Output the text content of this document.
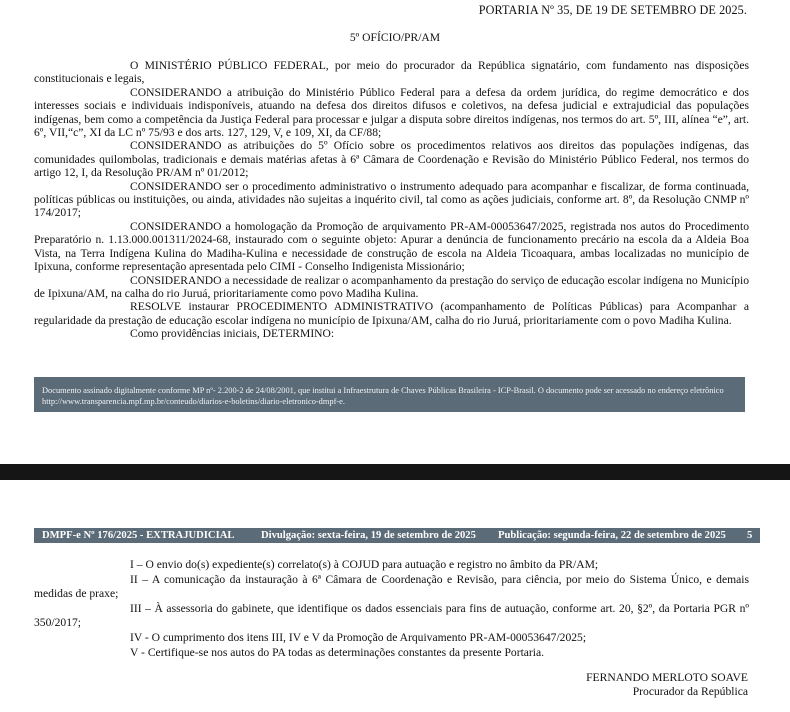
PORTARIA Nº 35, DE 19 DE SETEMBRO DE 2025.
5º OFÍCIO/PR/AM

O MINISTÉRIO PÚBLICO FEDERAL, por meio do procurador da República signatário, com fundamento nas disposições constitucionais e legais,

CONSIDERANDO a atribuição do Ministério Público Federal para a defesa da ordem jurídica, do regime democrático e dos interesses sociais e individuais indisponíveis, atuando na defesa dos direitos difusos e coletivos, na defesa judicial e extrajudicial das populações indígenas, bem como a competência da Justiça Federal para processar e julgar a disputa sobre direitos indígenas, nos termos do art. 5º, III, alínea “e”, art. 6º, VII,“c”, XI da LC nº 75/93 e dos arts. 127, 129, V, e 109, XI, da CF/88;

CONSIDERANDO as atribuições do 5º Ofício sobre os procedimentos relativos aos direitos das populações indígenas, das comunidades quilombolas, tradicionais e demais matérias afetas à 6ª Câmara de Coordenação e Revisão do Ministério Público Federal, nos termos do artigo 12, I, da Resolução PR/AM nº 01/2012;

CONSIDERANDO ser o procedimento administrativo o instrumento adequado para acompanhar e fiscalizar, de forma continuada, políticas públicas ou instituições, ou ainda, atividades não sujeitas a inquérito civil, tal como as ações judiciais, conforme art. 8º, da Resolução CNMP nº 174/2017;

CONSIDERANDO a homologação da Promoção de arquivamento PR-AM-00053647/2025, registrada nos autos do Procedimento Preparatório n. 1.13.000.001311/2024-68, instaurado com o seguinte objeto: Apurar a denúncia de funcionamento precário na escola da a Aldeia Boa Vista, na Terra Indígena Kulina do Madiha-Kulina e necessidade de construção de escola na Aldeia Ticoaquara, ambas localizadas no município de Ipixuna, conforme representação apresentada pelo CIMI - Conselho Indigenista Missionário;

CONSIDERANDO a necessidade de realizar o acompanhamento da prestação do serviço de educação escolar indígena no Município de Ipixuna/AM, na calha do rio Juruá, prioritariamente como povo Madiha Kulina.

RESOLVE instaurar PROCEDIMENTO ADMINISTRATIVO (acompanhamento de Políticas Públicas) para Acompanhar a regularidade da prestação de educação escolar indígena no município de Ipixuna/AM, calha do rio Juruá, prioritariamente com o povo Madiha Kulina.

Como providências iniciais, DETERMINO:

Documento assinado digitalmente conforme MP nº- 2.200-2 de 24/08/2001, que institui a Infraestrutura de Chaves Públicas Brasileira - ICP-Brasil. O documento pode ser acessado no endereço eletrônico http://www.transparencia.mpf.mp.br/conteudo/diarios-e-boletins/diario-eletronico-dmpf-e.
DMPF-e Nº 176/2025 - EXTRAJUDICIAL	Divulgação: sexta-feira, 19 de setembro de 2025 Publicação: segunda-feira, 22 de setembro de 2025 5

I – O envio do(s) expediente(s) correlato(s) à COJUD para autuação e registro no âmbito da PR/AM;

II – A comunicação da instauração à 6ª Câmara de Coordenação e Revisão, para ciência, por meio do Sistema Único, e demais medidas de praxe;

III – À assessoria do gabinete, que identifique os dados essenciais para fins de autuação, conforme art. 20, §2º, da Portaria PGR nº 350/2017;

IV - O cumprimento dos itens III, IV e V da Promoção de Arquivamento PR-AM-00053647/2025;

V - Certifique-se nos autos do PA todas as determinações constantes da presente Portaria.

FERNANDO MERLOTO SOAVE
Procurador da República
